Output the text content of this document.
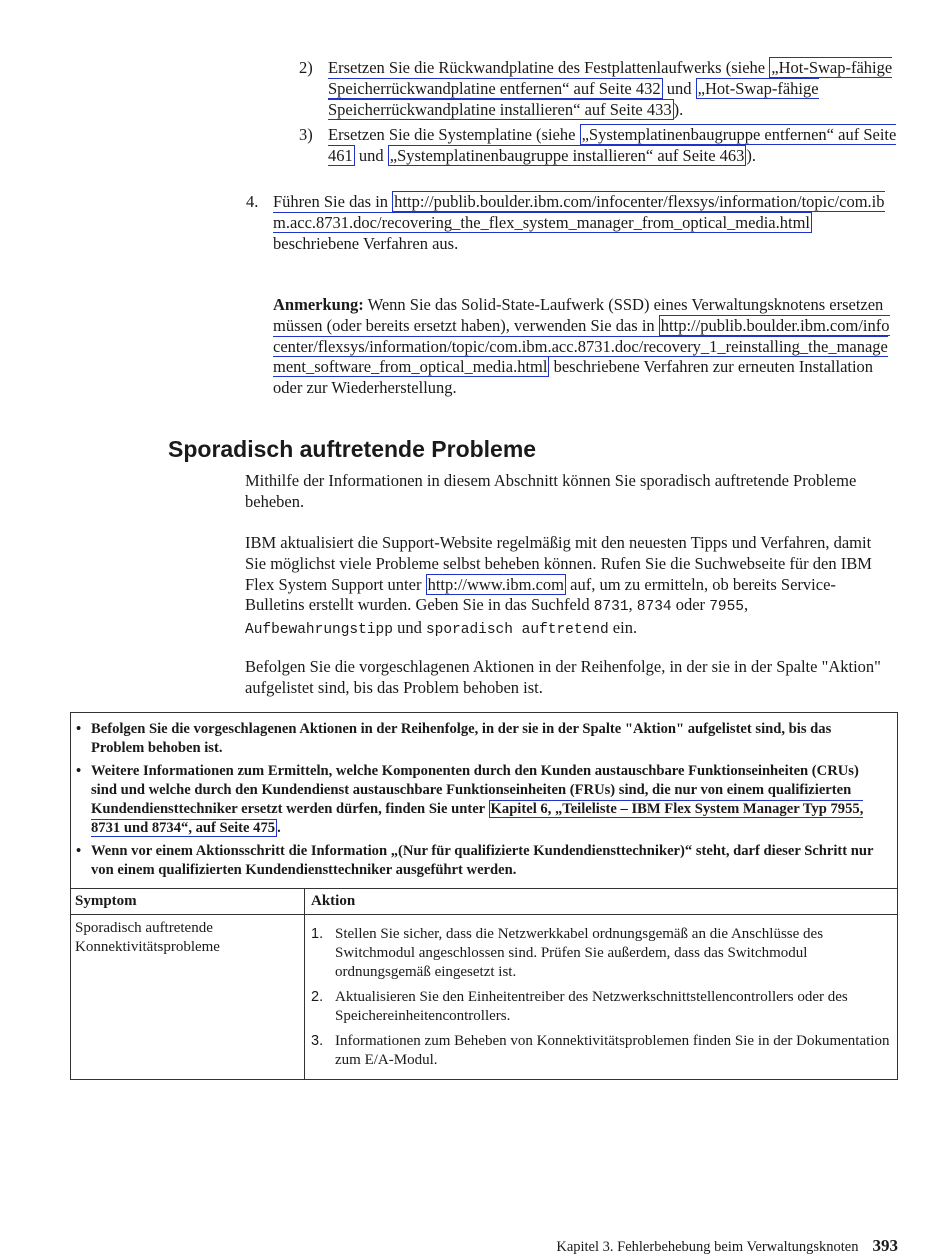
2) Ersetzen Sie die Rückwandplatine des Festplattenlaufwerks (siehe „Hot-Swap-fähige Speicherrückwandplatine entfernen“ auf Seite 432 und „Hot-Swap-fähige Speicherrückwandplatine installieren“ auf Seite 433 ).
3) Ersetzen Sie die Systemplatine (siehe „Systemplatinenbaugruppe entfernen“ auf Seite 461 und „Systemplatinenbaugruppe installieren“ auf Seite 463 ).
4. Führen Sie das in http://publib.boulder.ibm.com/infocenter/flexsys/information/topic/com.ibm.acc.8731.doc/recovering_the_flex_system_manager_from_optical_media.html beschriebene Verfahren aus.
Anmerkung: Wenn Sie das Solid-State-Laufwerk (SSD) eines Verwaltungsknotens ersetzen müssen (oder bereits ersetzt haben), verwenden Sie das in http://publib.boulder.ibm.com/infocenter/flexsys/information/topic/com.ibm.acc.8731.doc/recovery_1_reinstalling_the_management_software_from_optical_media.html beschriebene Verfahren zur erneuten Installation oder zur Wiederherstellung.
Sporadisch auftretende Probleme
Mithilfe der Informationen in diesem Abschnitt können Sie sporadisch auftretende Probleme beheben.
IBM aktualisiert die Support-Website regelmäßig mit den neuesten Tipps und Verfahren, damit Sie möglichst viele Probleme selbst beheben können. Rufen Sie die Suchwebseite für den IBM Flex System Support unter http://www.ibm.com auf, um zu ermitteln, ob bereits Service-Bulletins erstellt wurden. Geben Sie in das Suchfeld 8731, 8734 oder 7955, Aufbewahrungstipp und sporadisch auftretend ein.
Befolgen Sie die vorgeschlagenen Aktionen in der Reihenfolge, in der sie in der Spalte "Aktion" aufgelistet sind, bis das Problem behoben ist.
• Befolgen Sie die vorgeschlagenen Aktionen in der Reihenfolge, in der sie in der Spalte "Aktion" aufgelistet sind, bis das Problem behoben ist.
• Weitere Informationen zum Ermitteln, welche Komponenten durch den Kunden austauschbare Funktionseinheiten (CRUs) sind und welche durch den Kundendienst austauschbare Funktionseinheiten (FRUs) sind, die nur von einem qualifizierten Kundendiensttechniker ersetzt werden dürfen, finden Sie unter Kapitel 6, „Teileliste – IBM Flex System Manager Typ 7955, 8731 und 8734“, auf Seite 475 .
• Wenn vor einem Aktionsschritt die Information „(Nur für qualifizierte Kundendiensttechniker)“ steht, darf dieser Schritt nur von einem qualifizierten Kundendiensttechniker ausgeführt werden.
Symptom	Aktion
Sporadisch auftretende Konnektivitätsprobleme
1. Stellen Sie sicher, dass die Netzwerkkabel ordnungsgemäß an die Anschlüsse des Switchmodul angeschlossen sind. Prüfen Sie außerdem, dass das Switchmodul ordnungsgemäß eingesetzt ist.
2. Aktualisieren Sie den Einheitentreiber des Netzwerkschnittstellencontrollers oder des Speichereinheitencontrollers.
3. Informationen zum Beheben von Konnektivitätsproblemen finden Sie in der Dokumentation zum E/A-Modul.
Kapitel 3. Fehlerbehebung beim Verwaltungsknoten 393
